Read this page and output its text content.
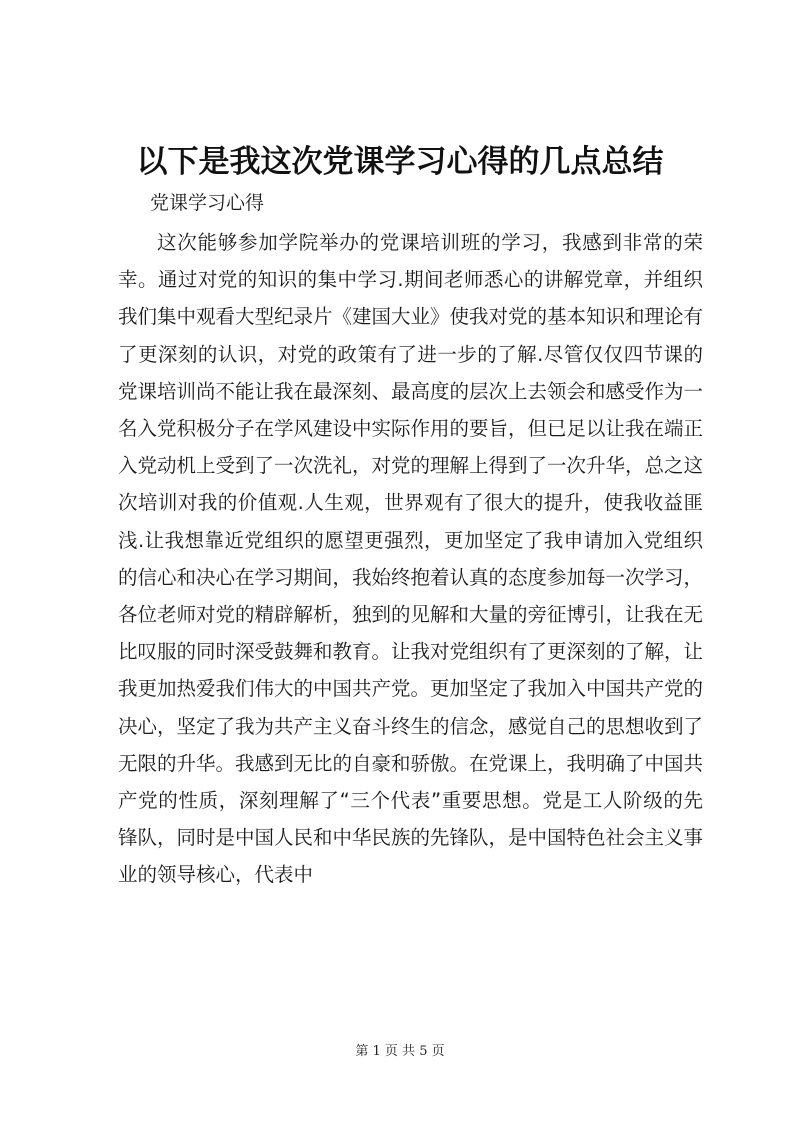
以下是我这次党课学习心得的几点总结

党课学习心得

这次能够参加学院举办的党课培训班的学习，我感到非常的荣幸。通过对党的知识的集中学习.期间老师悉心的讲解党章，并组织我们集中观看大型纪录片《建国大业》使我对党的基本知识和理论有了更深刻的认识，对党的政策有了进一步的了解.尽管仅仅四节课的党课培训尚不能让我在最深刻、最高度的层次上去领会和感受作为一名入党积极分子在学风建设中实际作用的要旨，但已足以让我在端正入党动机上受到了一次洗礼，对党的理解上得到了一次升华，总之这次培训对我的价值观.人生观，世界观有了很大的提升，使我收益匪浅.让我想靠近党组织的愿望更强烈，更加坚定了我申请加入党组织的信心和决心在学习期间，我始终抱着认真的态度参加每一次学习，各位老师对党的精辟解析，独到的见解和大量的旁征博引，让我在无比叹服的同时深受鼓舞和教育。让我对党组织有了更深刻的了解，让我更加热爱我们伟大的中国共产党。更加坚定了我加入中国共产党的决心，坚定了我为共产主义奋斗终生的信念，感觉自己的思想收到了无限的升华。我感到无比的自豪和骄傲。在党课上，我明确了中国共产党的性质，深刻理解了“三个代表”重要思想。党是工人阶级的先锋队，同时是中国人民和中华民族的先锋队，是中国特色社会主义事业的领导核心，代表中

第 1 页 共 5 页
